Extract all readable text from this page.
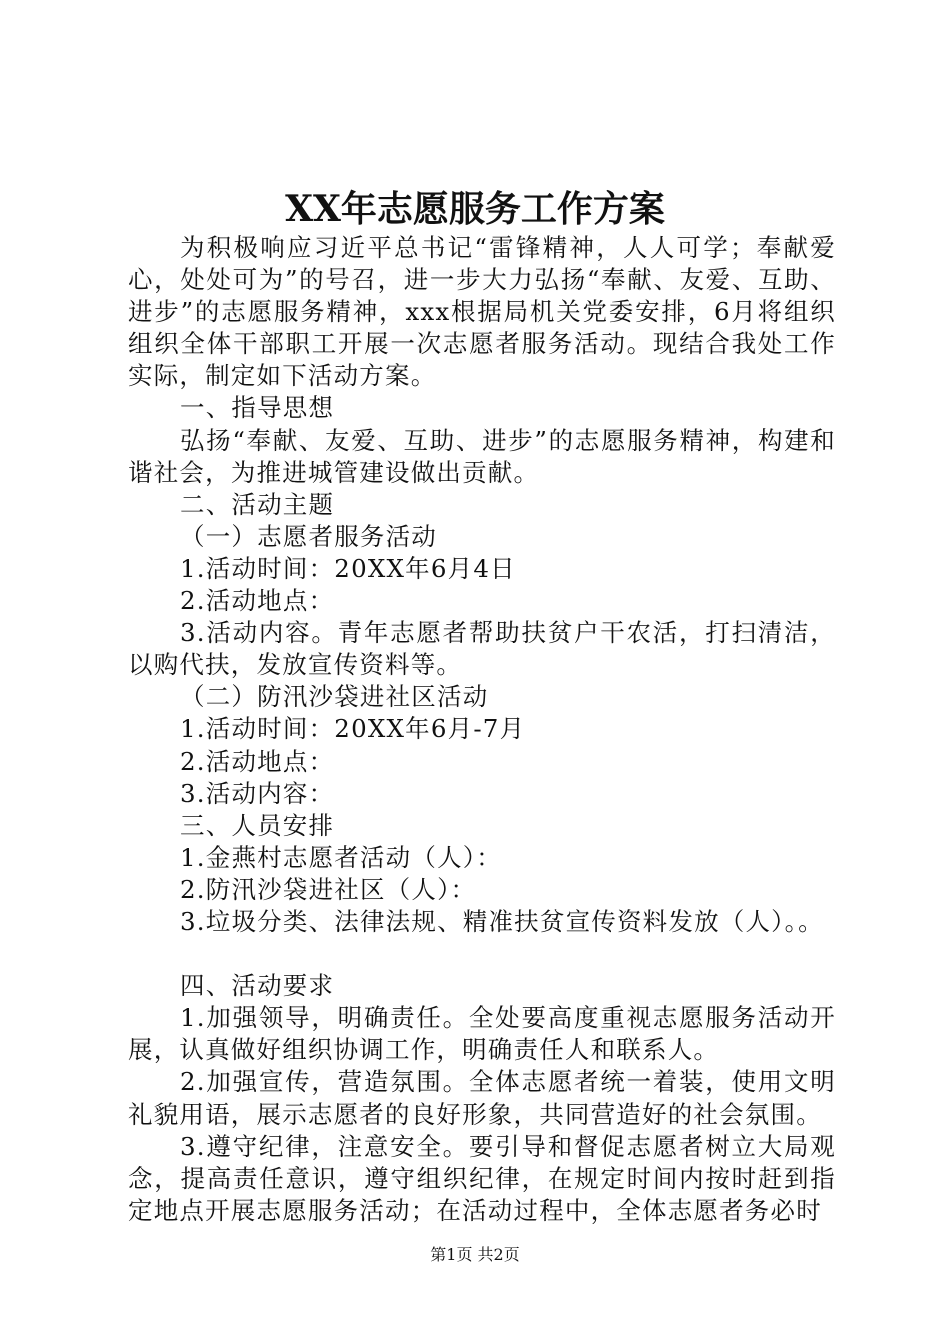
XX年志愿服务工作方案

为积极响应习近平总书记“雷锋精神，人人可学；奉献爱心，处处可为”的号召，进一步大力弘扬“奉献、友爱、互助、进步”的志愿服务精神，xxx根据局机关党委安排，6月将组织组织全体干部职工开展一次志愿者服务活动。现结合我处工作实际，制定如下活动方案。

一、指导思想

弘扬“奉献、友爱、互助、进步”的志愿服务精神，构建和谐社会，为推进城管建设做出贡献。

二、活动主题

（一）志愿者服务活动

1.活动时间：20XX年6月4日

2.活动地点：

3.活动内容。青年志愿者帮助扶贫户干农活，打扫清洁，以购代扶，发放宣传资料等。

（二）防汛沙袋进社区活动

1.活动时间：20XX年6月-7月

2.活动地点：

3.活动内容：

三、人员安排

1.金燕村志愿者活动（人）：

2.防汛沙袋进社区（人）：

3.垃圾分类、法律法规、精准扶贫宣传资料发放（人）。。

四、活动要求

1.加强领导，明确责任。全处要高度重视志愿服务活动开展，认真做好组织协调工作，明确责任人和联系人。

2.加强宣传，营造氛围。全体志愿者统一着装，使用文明礼貌用语，展示志愿者的良好形象，共同营造好的社会氛围。

3.遵守纪律，注意安全。要引导和督促志愿者树立大局观念，提高责任意识，遵守组织纪律，在规定时间内按时赶到指定地点开展志愿服务活动；在活动过程中，全体志愿者务必时

第1页 共2页
